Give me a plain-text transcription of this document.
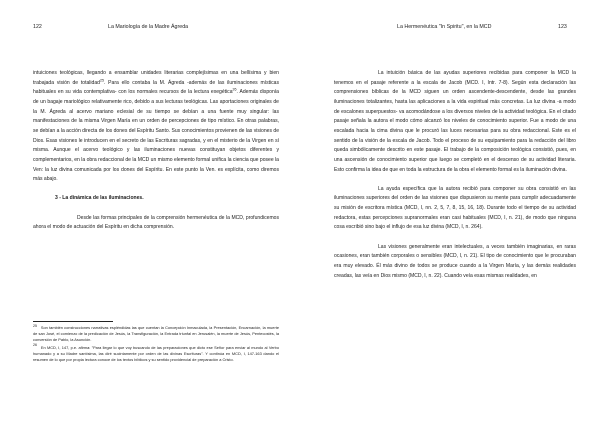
122	La Mariología de la Madre Ágreda

intuiciones teológicas, llegando a ensamblar unidades literarias complejísimas en una bellísima y bien trabajada visión de totalidad$^{25}$. Para ello contaba la M. Ágreda -además de las iluminaciones místicas habituales en su vida contemplativa- con los normales recursos de la lectura exegética$^{26}$. Además disponía de un bagaje mariológico relativamente rico, debido a sus lecturas teológicas. Las aportaciones originales de la M. Ágreda al acervo mariano eclesial de su tiempo se debían a una fuente muy singular: las manifestaciones de la misma Virgen María en un orden de percepciones de tipo místico. En otras palabras, se debían a la acción directa de los dones del Espíritu Santo. Sus conocimientos provienen de las visiones de Dios. Esas visiones le introducen en el secreto de las Escrituras sagradas, y en el misterio de la Virgen en sí misma. Aunque el acervo teológico y las iluminaciones nuevas constituyan objetos diferentes y complementarios, en la obra redaccional de la MCD un mismo elemento formal unifica la ciencia que posee la Ven: la luz divina comunicada por los dones del Espíritu. En este punto la Ven. es explícita, como diremos más abajo.

3 - La dinámica de las iluminaciones.

Desde las formas principales de la comprensión hermenéutica de la MCD, profundicemos ahora el modo de actuación del Espíritu en dicha comprensión.

25 Son también construcciones narrativas espléndidas las que cuentan la Concepción Inmaculada, la Presentación, Encarnación, la muerte de san José, el comienzo de la predicación de Jesús, la Transfiguración, la Entrada triunfal en Jerusalén, la muerte de Jesús, Pentecostés, la conversión de Pablo, la Asunción.

26 En MCD, I, 147, p.e. afirma: "Para llegar lo que voy buscando de las preparaciones que dicto ese Señor para enviar al mundo al Verbo humanado y a su Madre santísima, las diré sucintamente por orden de las divinas Escrituras". Y continúa en MCD, I, 147-163 dando el resumen de lo que por propia lectura conoce de los textos bíblicos y su sentido providencial de preparación a Cristo.

La Hermenéutica "In Spiritu", en la MCD	123

La intuición básica de las ayudas superiores recibidas para componer la MCD la tenemos en el pasaje referente a la escala de Jacob (MCD. I, Intr. 7-8). Según esta declaración las comprensiones bíblicas de la MCD siguen un orden ascendente-descendente, desde las grandes iluminaciones totalizantes, hasta las aplicaciones a la vida espiritual más concretas. La luz divina -a modo de escalones superpuestos- va acomodándose a los diversos niveles de la actividad teológica. En el citado pasaje señala la autora el modo cómo alcanzó los niveles de conocimiento superior. Fue a modo de una escalada hacia la cima divina que le procuró las luces necesarias para su obra redaccional. Este es el sentido de la visión de la escala de Jacob. Todo el proceso de su equipamiento para la redacción del libro queda simbólicamente descrito en este pasaje. El trabajo de la composición teológica consistió, pues, en una ascensión de conocimiento superior que luego se completó en el descenso de su actividad literaria. Esto confirma la idea de que en toda la estructura de la obra el elemento formal es la iluminación divina.

La ayuda específica que la autora recibió para componer su obra consistió en las iluminaciones superiores del orden de las visiones que dispusieron su mente para cumplir adecuadamente su misión de escritora mística (MCD, I, nn. 2, 5, 7, 8, 15, 16, 18). Durante todo el tiempo de su actividad redactora, estas percepciones supranormales eran casi habituales (MCD, I, n. 21), de modo que ninguna cosa escribió sino bajo el influjo de esa luz divina (MCD, I, n. 264).

Las visiones generalmente eran intelectuales, a veces también imaginarias, en raras ocasiones, eran también corporales o sensibles (MCD, I, n. 21). El tipo de conocimiento que le procuraban era muy elevado. Él más divino de todos se produce cuando a la Virgen María, y las demás realidades creadas, las veía en Dios mismo (MCD, I, n. 22). Cuando veía esas mismas realidades, en
